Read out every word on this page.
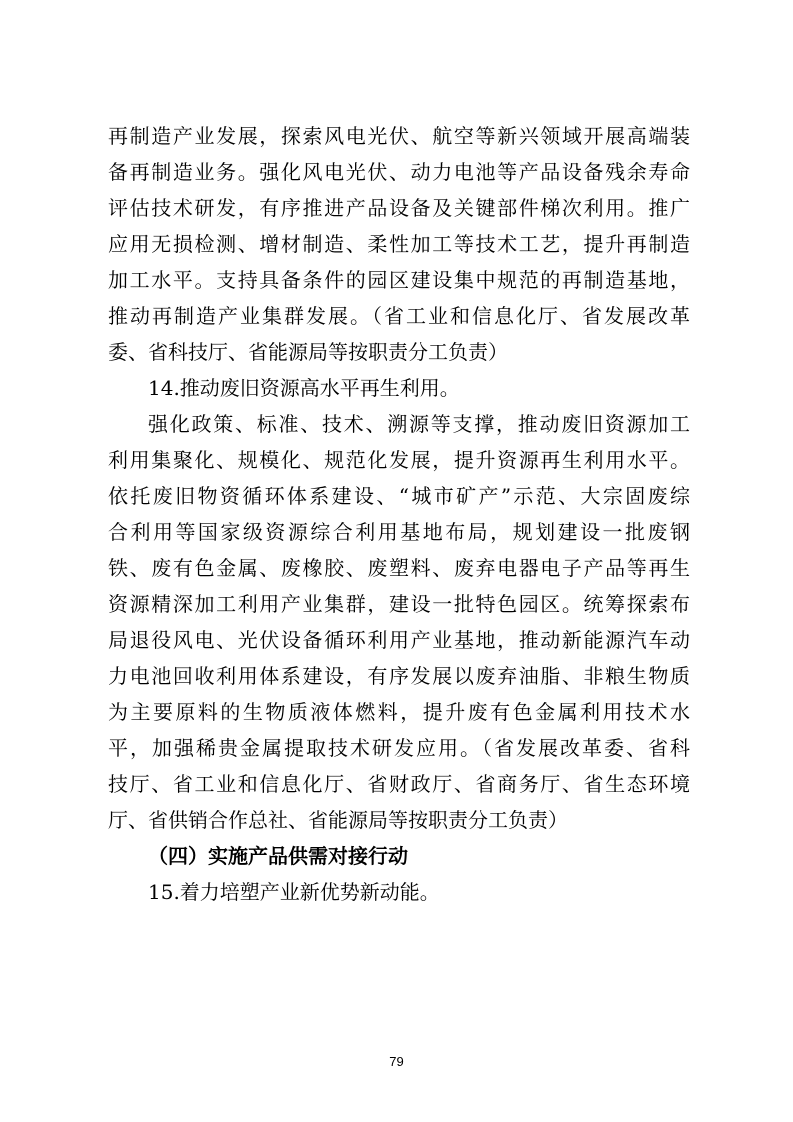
再制造产业发展，探索风电光伏、航空等新兴领域开展高端装
备再制造业务。强化风电光伏、动力电池等产品设备残余寿命
评估技术研发，有序推进产品设备及关键部件梯次利用。推广
应用无损检测、增材制造、柔性加工等技术工艺，提升再制造
加工水平。支持具备条件的园区建设集中规范的再制造基地，
推动再制造产业集群发展。（省工业和信息化厅、省发展改革
委、省科技厅、省能源局等按职责分工负责）
14.推动废旧资源高水平再生利用。
强化政策、标准、技术、溯源等支撑，推动废旧资源加工
利用集聚化、规模化、规范化发展，提升资源再生利用水平。
依托废旧物资循环体系建设、“城市矿产”示范、大宗固废综
合利用等国家级资源综合利用基地布局，规划建设一批废钢
铁、废有色金属、废橡胶、废塑料、废弃电器电子产品等再生
资源精深加工利用产业集群，建设一批特色园区。统筹探索布
局退役风电、光伏设备循环利用产业基地，推动新能源汽车动
力电池回收利用体系建设，有序发展以废弃油脂、非粮生物质
为主要原料的生物质液体燃料，提升废有色金属利用技术水
平，加强稀贵金属提取技术研发应用。（省发展改革委、省科
技厅、省工业和信息化厅、省财政厅、省商务厅、省生态环境
厅、省供销合作总社、省能源局等按职责分工负责）
（四）实施产品供需对接行动
15.着力培塑产业新优势新动能。
79
